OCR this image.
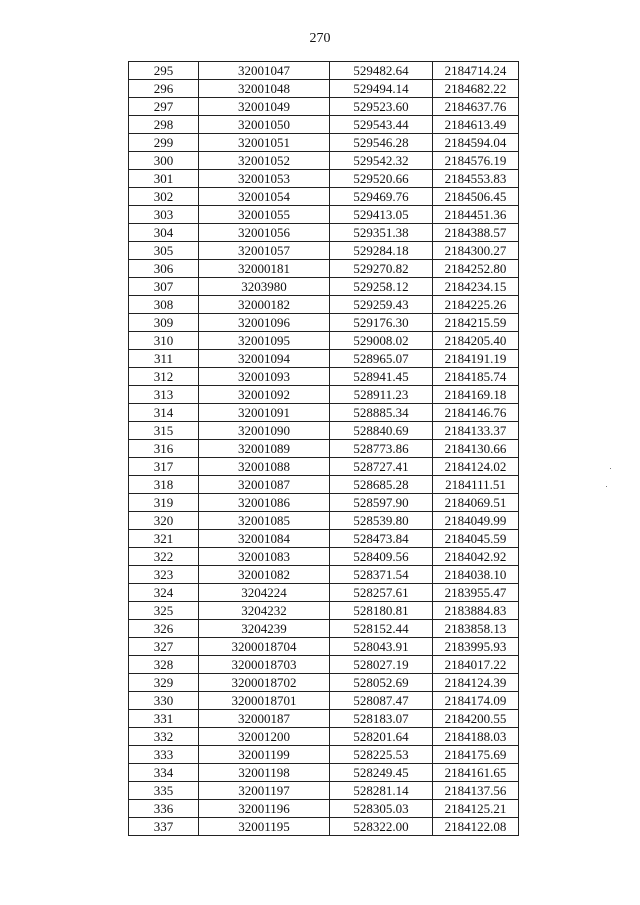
270
295	32001047	529482.64	2184714.24
296	32001048	529494.14	2184682.22
297	32001049	529523.60	2184637.76
298	32001050	529543.44	2184613.49
299	32001051	529546.28	2184594.04
300	32001052	529542.32	2184576.19
301	32001053	529520.66	2184553.83
302	32001054	529469.76	2184506.45
303	32001055	529413.05	2184451.36
304	32001056	529351.38	2184388.57
305	32001057	529284.18	2184300.27
306	32000181	529270.82	2184252.80
307	3203980	529258.12	2184234.15
308	32000182	529259.43	2184225.26
309	32001096	529176.30	2184215.59
310	32001095	529008.02	2184205.40
311	32001094	528965.07	2184191.19
312	32001093	528941.45	2184185.74
313	32001092	528911.23	2184169.18
314	32001091	528885.34	2184146.76
315	32001090	528840.69	2184133.37
316	32001089	528773.86	2184130.66
317	32001088	528727.41	2184124.02
318	32001087	528685.28	2184111.51
319	32001086	528597.90	2184069.51
320	32001085	528539.80	2184049.99
321	32001084	528473.84	2184045.59
322	32001083	528409.56	2184042.92
323	32001082	528371.54	2184038.10
324	3204224	528257.61	2183955.47
325	3204232	528180.81	2183884.83
326	3204239	528152.44	2183858.13
327	3200018704	528043.91	2183995.93
328	3200018703	528027.19	2184017.22
329	3200018702	528052.69	2184124.39
330	3200018701	528087.47	2184174.09
331	32000187	528183.07	2184200.55
332	32001200	528201.64	2184188.03
333	32001199	528225.53	2184175.69
334	32001198	528249.45	2184161.65
335	32001197	528281.14	2184137.56
336	32001196	528305.03	2184125.21
337	32001195	528322.00	2184122.08
